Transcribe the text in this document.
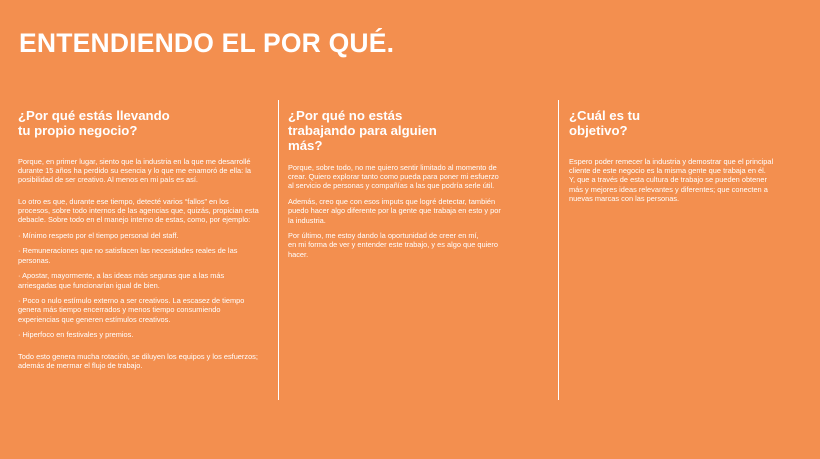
ENTENDIENDO EL POR QUÉ.
¿Por qué estás llevando
tu propio negocio?

Porque, en primer lugar, siento que la industria en la que me desarrollé
durante 15 años ha perdido su esencia y lo que me enamoró de ella: la
posibilidad de ser creativo. Al menos en mi país es así.

Lo otro es que, durante ese tiempo, detecté varios “fallos” en los
procesos, sobre todo internos de las agencias que, quizás, propician esta
debacle. Sobre todo en el manejo interno de estas, como, por ejemplo:

· Mínimo respeto por el tiempo personal del staff.

· Remuneraciones que no satisfacen las necesidades reales de las
personas.

· Apostar, mayormente, a las ideas más seguras que a las más
arriesgadas que funcionarían igual de bien.

· Poco o nulo estímulo externo a ser creativos. La escasez de tiempo
genera más tiempo encerrados y menos tiempo consumiendo
experiencias que generen estímulos creativos.

· Hiperfoco en festivales y premios.

Todo esto genera mucha rotación, se diluyen los equipos y los esfuerzos;
además de mermar el flujo de trabajo.

¿Por qué no estás
trabajando para alguien
más?

Porque, sobre todo, no me quiero sentir limitado al momento de
crear. Quiero explorar tanto como pueda para poner mi esfuerzo
al servicio de personas y compañías a las que podría serle útil.

Además, creo que con esos imputs que logré detectar, también
puedo hacer algo diferente por la gente que trabaja en esto y por
la industria.

Por último, me estoy dando la oportunidad de creer en mí,
en mi forma de ver y entender este trabajo, y es algo que quiero
hacer.

¿Cuál es tu
objetivo?

Espero poder remecer la industria y demostrar que el principal
cliente de este negocio es la misma gente que trabaja en él.
Y, que a través de esta cultura de trabajo se pueden obtener
más y mejores ideas relevantes y diferentes; que conecten a
nuevas marcas con las personas.
